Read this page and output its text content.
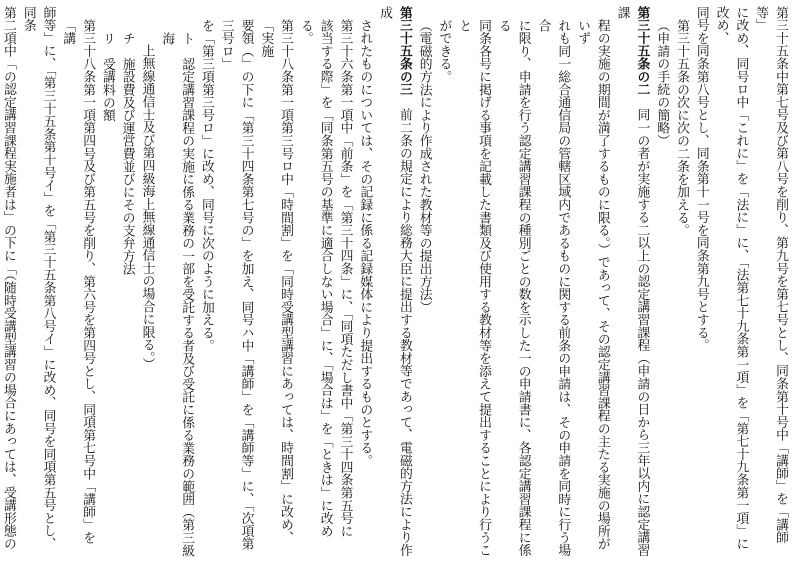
第三十五条中第七号及び第八号を削り、第九号を第七号とし、同条第十号中「講師」を「講師等」
に改め、同号ロ中「これに」を「法に」に、「法第七十九条第一項」を「第七十九条第一項」に改め、
同号を同条第八号とし、同条第十一号を同条第九号とする。
第三十五条の次に次の二条を加える。
（申請の手続の簡略）
第三十五条の二　同一の者が実施する二以上の認定講習課程（申請の日から三年以内に認定講習課
程の実施の期間が満了するものに限る。）であって、その認定講習課程の主たる実施の場所がいず
れも同一総合通信局の管轄区域内であるものに関する前条の申請は、その申請を同時に行う場合
に限り、申請を行う認定講習課程の種別ごとの数を示した一の申請書に、各認定講習課程に係る
同条各号に掲げる事項を記載した書類及び使用する教材等を添えて提出することにより行うこと
ができる。
（電磁的方法により作成された教材等の提出方法）
第三十五条の三　前二条の規定により総務大臣に提出する教材等であって、電磁的方法により作成
されたものについては、その記録に係る記録媒体により提出するものとする。
第三十六条第一項中「前条」を「第三十四条」に、「同項ただし書中「第三十四条第五号に
該当する際」を「同条第五号の基準に適合しない場合」に、「場合は」を「ときは」に改める。
第三十八条第一項第三号ロ中「時間割」を「同時受講型講習にあっては、時間割」に改め、「実施
要領（」の下に「第三十四条第七号の」を加え、同号ハ中「講師」を「講師等」に、「次項第三号ロ」
を「第三項第三号ロ」に改め、同号に次のように加える。
ト　認定講習課程の実施に係る業務の一部を受託する者及び受託に係る業務の範囲（第三級海
上無線通信士及び第四級海上無線通信士の場合に限る。）
チ　施設費及び運営費並びにその支弁方法
リ　受講料の額
第三十八条第一項第四号及び第五号を削り、第六号を第四号とし、同項第七号中「講師」を「講
師等」に、「第三十五条第十号イ」を「第三十五条第八号イ」に改め、同号を同項第五号とし、同条
第二項中「の認定講習課程実施者は」の下に「（随時受講型講習の場合にあっては、受講形態の
